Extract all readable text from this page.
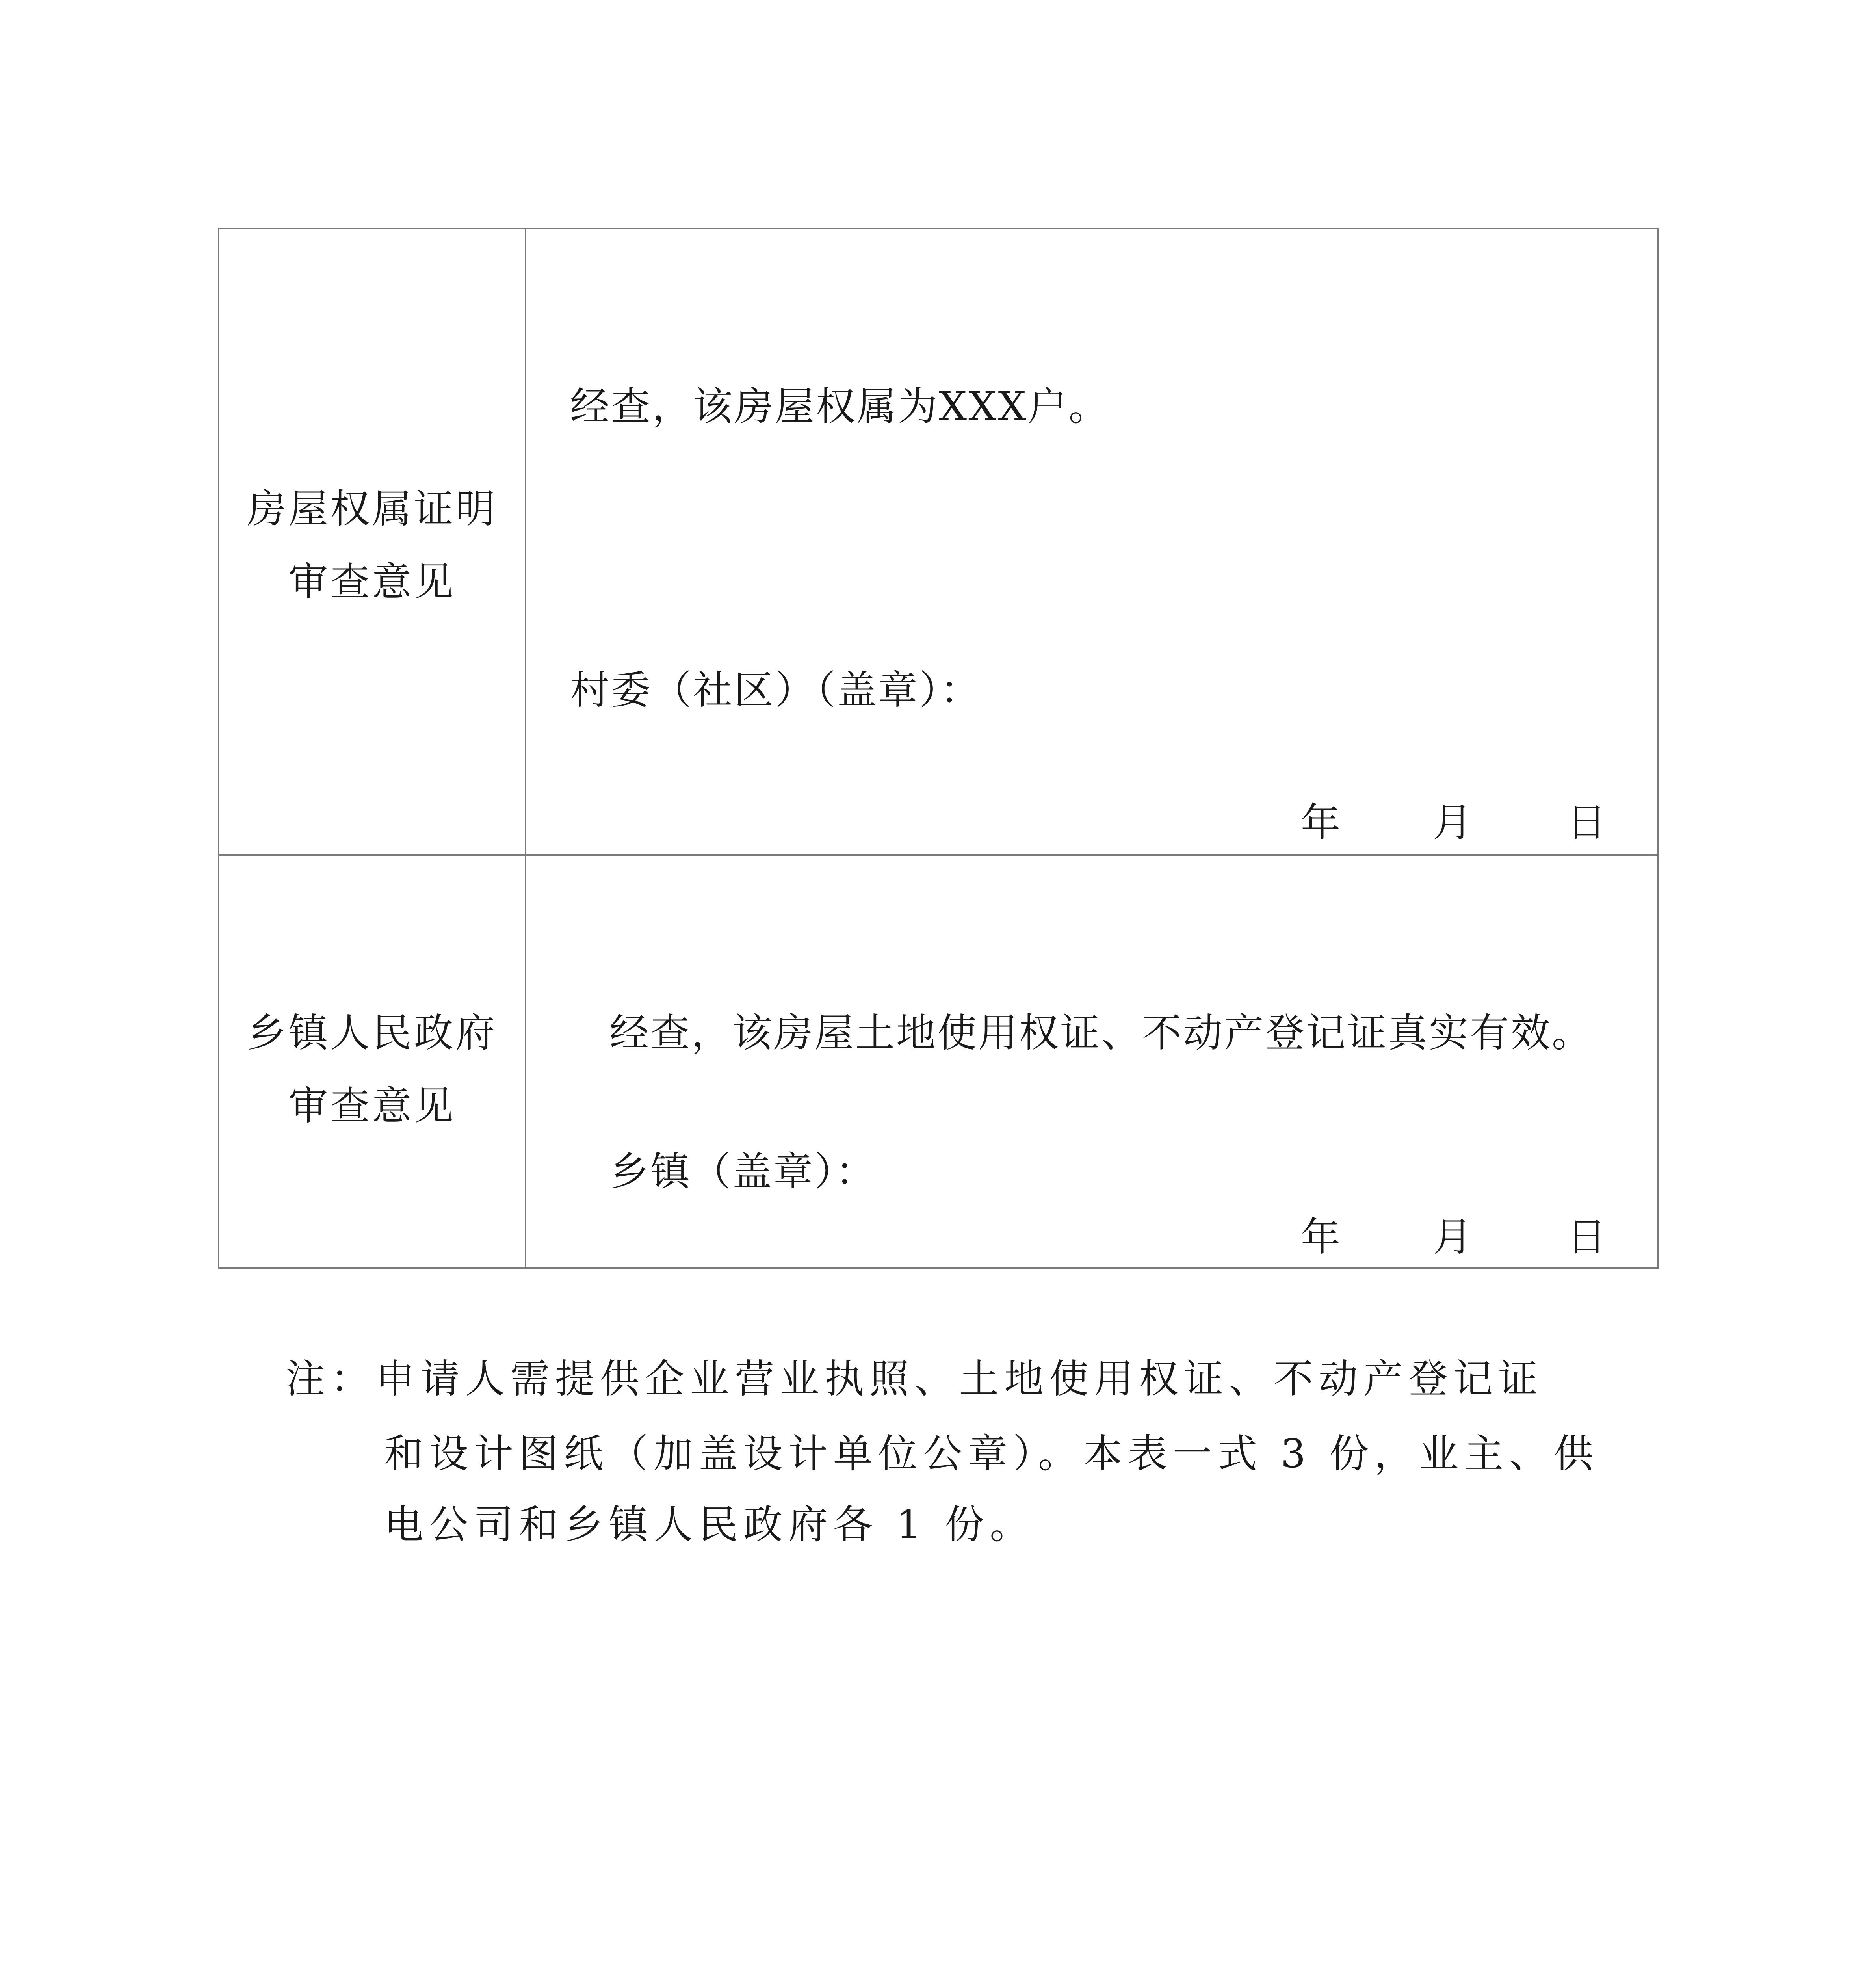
房屋权属证明
审查意见
经查，该房屋权属为XXX户。
村委（社区）（盖章）：
年 月 日
乡镇人民政府
审查意见
经查，该房屋土地使用权证、不动产登记证真实有效。
乡镇（盖章）：
年 月 日
注：申请人需提供企业营业执照、土地使用权证、不动产登记证
和设计图纸（加盖设计单位公章）。本表一式 3 份，业主、供
电公司和乡镇人民政府各 1 份。
